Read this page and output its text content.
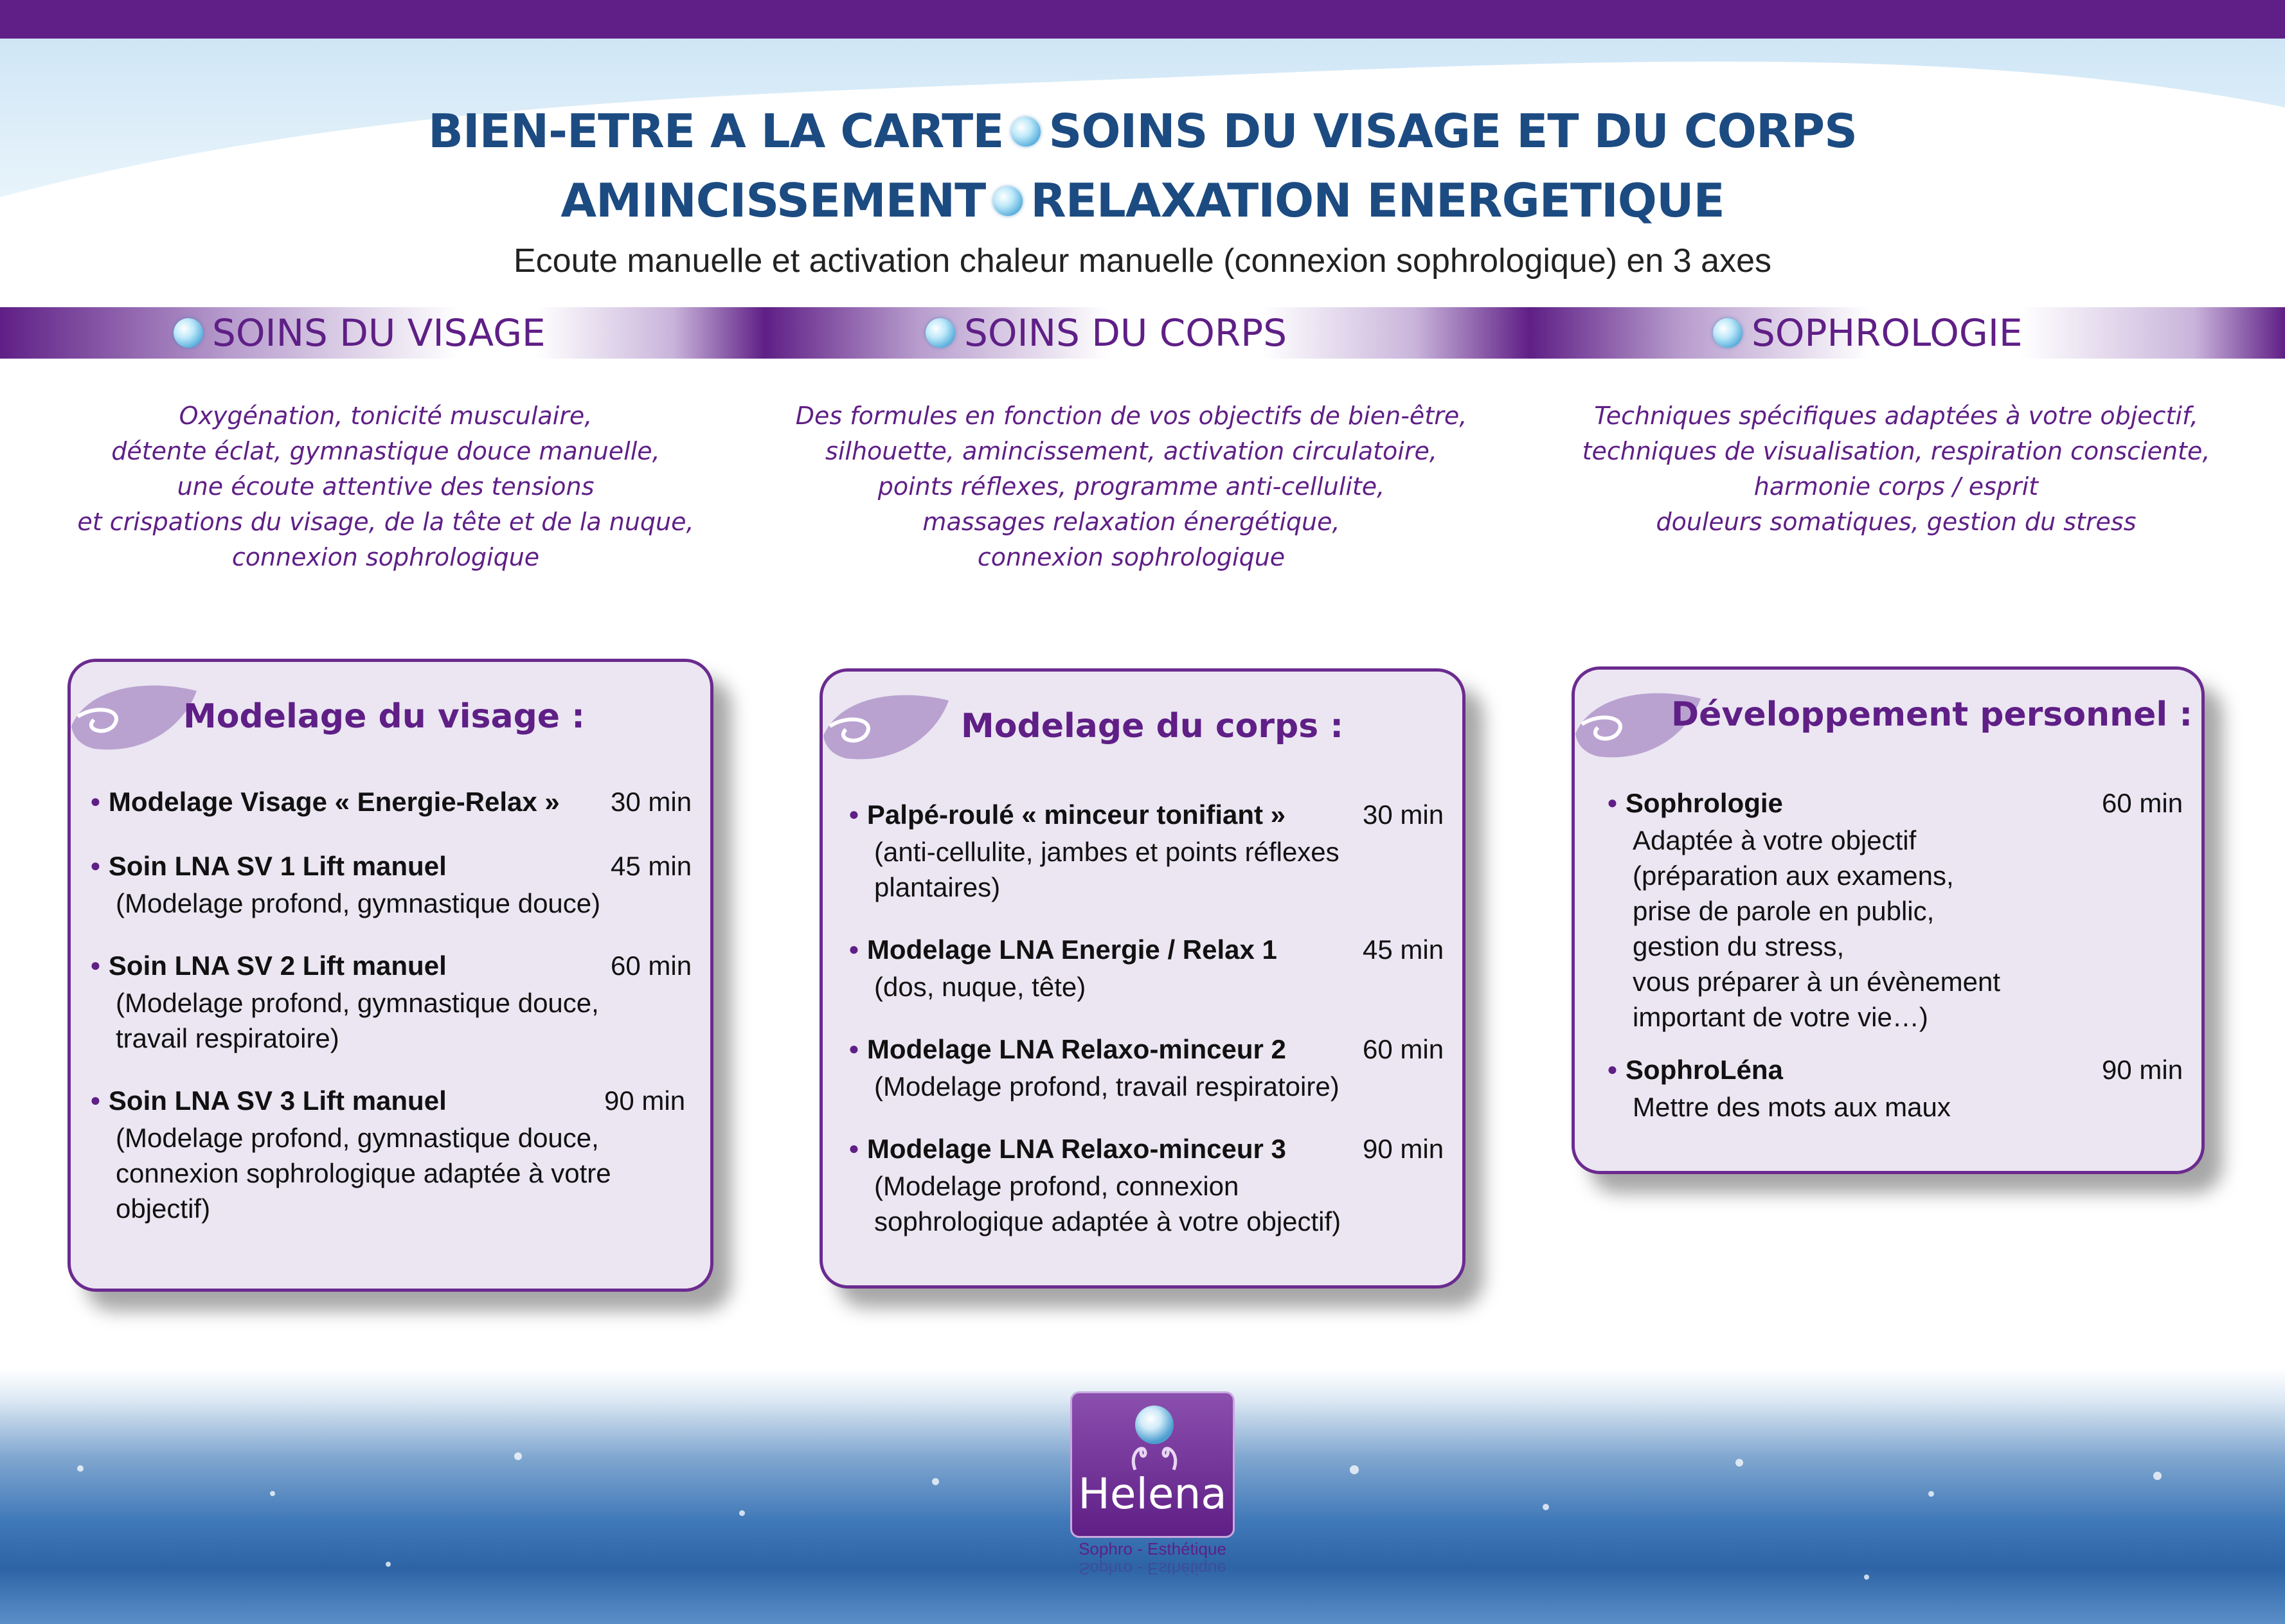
BIEN-ETRE A LA CARTE SOINS DU VISAGE ET DU CORPS
AMINCISSEMENT RELAXATION ENERGETIQUE
Ecoute manuelle et activation chaleur manuelle (connexion sophrologique) en 3 axes
SOINS DU VISAGE	SOINS DU CORPS	SOPHROLOGIE
Oxygénation, tonicité musculaire,
détente éclat, gymnastique douce manuelle,
une écoute attentive des tensions
et crispations du visage, de la tête et de la nuque,
connexion sophrologique
Des formules en fonction de vos objectifs de bien-être,
silhouette, amincissement, activation circulatoire,
points réflexes, programme anti-cellulite,
massages relaxation énergétique,
connexion sophrologique
Techniques spécifiques adaptées à votre objectif,
techniques de visualisation, respiration consciente,
harmonie corps / esprit
douleurs somatiques, gestion du stress
Modelage du visage :
● Modelage Visage « Energie-Relax »	30 min
● Soin LNA SV 1 Lift manuel	45 min
(Modelage profond, gymnastique douce)
● Soin LNA SV 2 Lift manuel	60 min
(Modelage profond, gymnastique douce,
travail respiratoire)
● Soin LNA SV 3 Lift manuel	90 min
(Modelage profond, gymnastique douce,
connexion sophrologique adaptée à votre
objectif)
Modelage du corps :
● Palpé-roulé « minceur tonifiant »	30 min
(anti-cellulite, jambes et points réflexes
plantaires)
● Modelage LNA Energie / Relax 1	45 min
(dos, nuque, tête)
● Modelage LNA Relaxo-minceur 2	60 min
(Modelage profond, travail respiratoire)
● Modelage LNA Relaxo-minceur 3	90 min
(Modelage profond, connexion
sophrologique adaptée à votre objectif)
Développement personnel :
● Sophrologie	60 min
Adaptée à votre objectif
(préparation aux examens,
prise de parole en public,
gestion du stress,
vous préparer à un évènement
important de votre vie…)
● SophroLéna	90 min
Mettre des mots aux maux
Helena
Sophro - Esthétique
Sophro - Esthétique
